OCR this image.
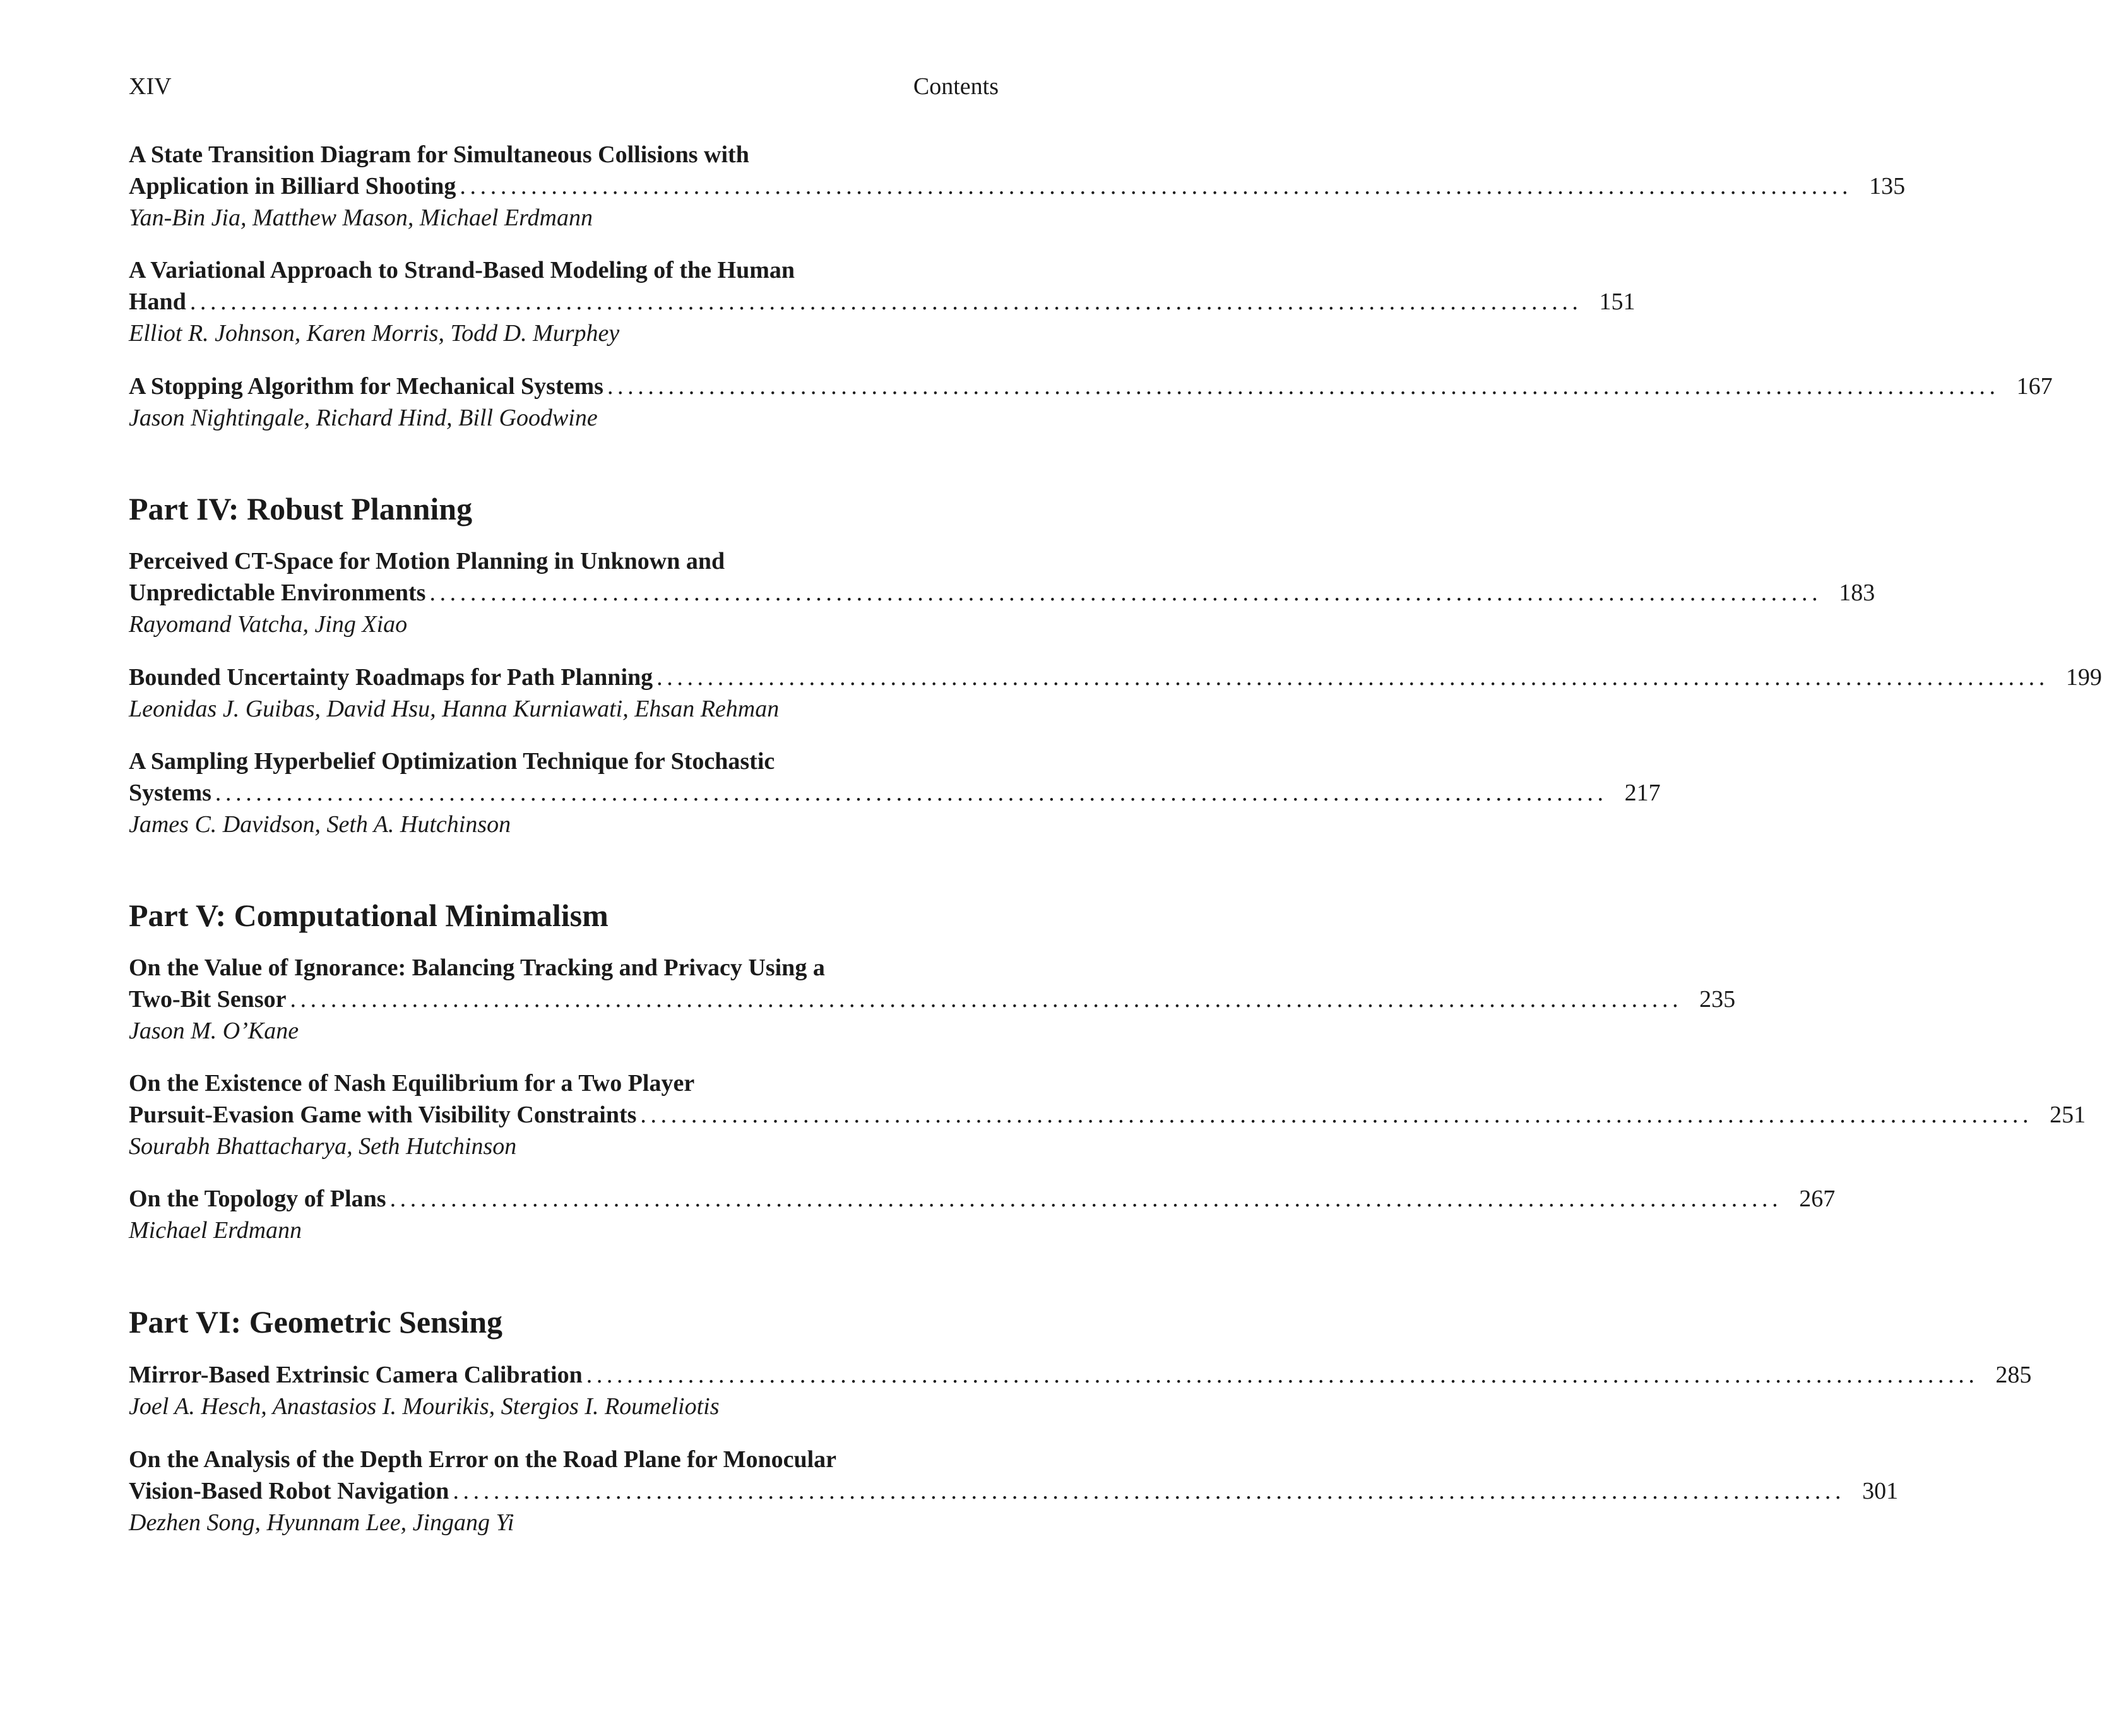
XIV	Contents
A State Transition Diagram for Simultaneous Collisions with
Application in Billiard Shooting ......................................................................................................................................... 135
Yan-Bin Jia, Matthew Mason, Michael Erdmann
A Variational Approach to Strand-Based Modeling of the Human
Hand ......................................................................................................................................... 151
Elliot R. Johnson, Karen Morris, Todd D. Murphey
A Stopping Algorithm for Mechanical Systems ......................................................................................................................................... 167
Jason Nightingale, Richard Hind, Bill Goodwine
Part IV: Robust Planning
Perceived CT-Space for Motion Planning in Unknown and
Unpredictable Environments ......................................................................................................................................... 183
Rayomand Vatcha, Jing Xiao
Bounded Uncertainty Roadmaps for Path Planning ......................................................................................................................................... 199
Leonidas J. Guibas, David Hsu, Hanna Kurniawati, Ehsan Rehman
A Sampling Hyperbelief Optimization Technique for Stochastic
Systems ......................................................................................................................................... 217
James C. Davidson, Seth A. Hutchinson
Part V: Computational Minimalism
On the Value of Ignorance: Balancing Tracking and Privacy Using a
Two-Bit Sensor ......................................................................................................................................... 235
Jason M. O’Kane
On the Existence of Nash Equilibrium for a Two Player
Pursuit-Evasion Game with Visibility Constraints ......................................................................................................................................... 251
Sourabh Bhattacharya, Seth Hutchinson
On the Topology of Plans ......................................................................................................................................... 267
Michael Erdmann
Part VI: Geometric Sensing
Mirror-Based Extrinsic Camera Calibration ......................................................................................................................................... 285
Joel A. Hesch, Anastasios I. Mourikis, Stergios I. Roumeliotis
On the Analysis of the Depth Error on the Road Plane for Monocular
Vision-Based Robot Navigation ......................................................................................................................................... 301
Dezhen Song, Hyunnam Lee, Jingang Yi
